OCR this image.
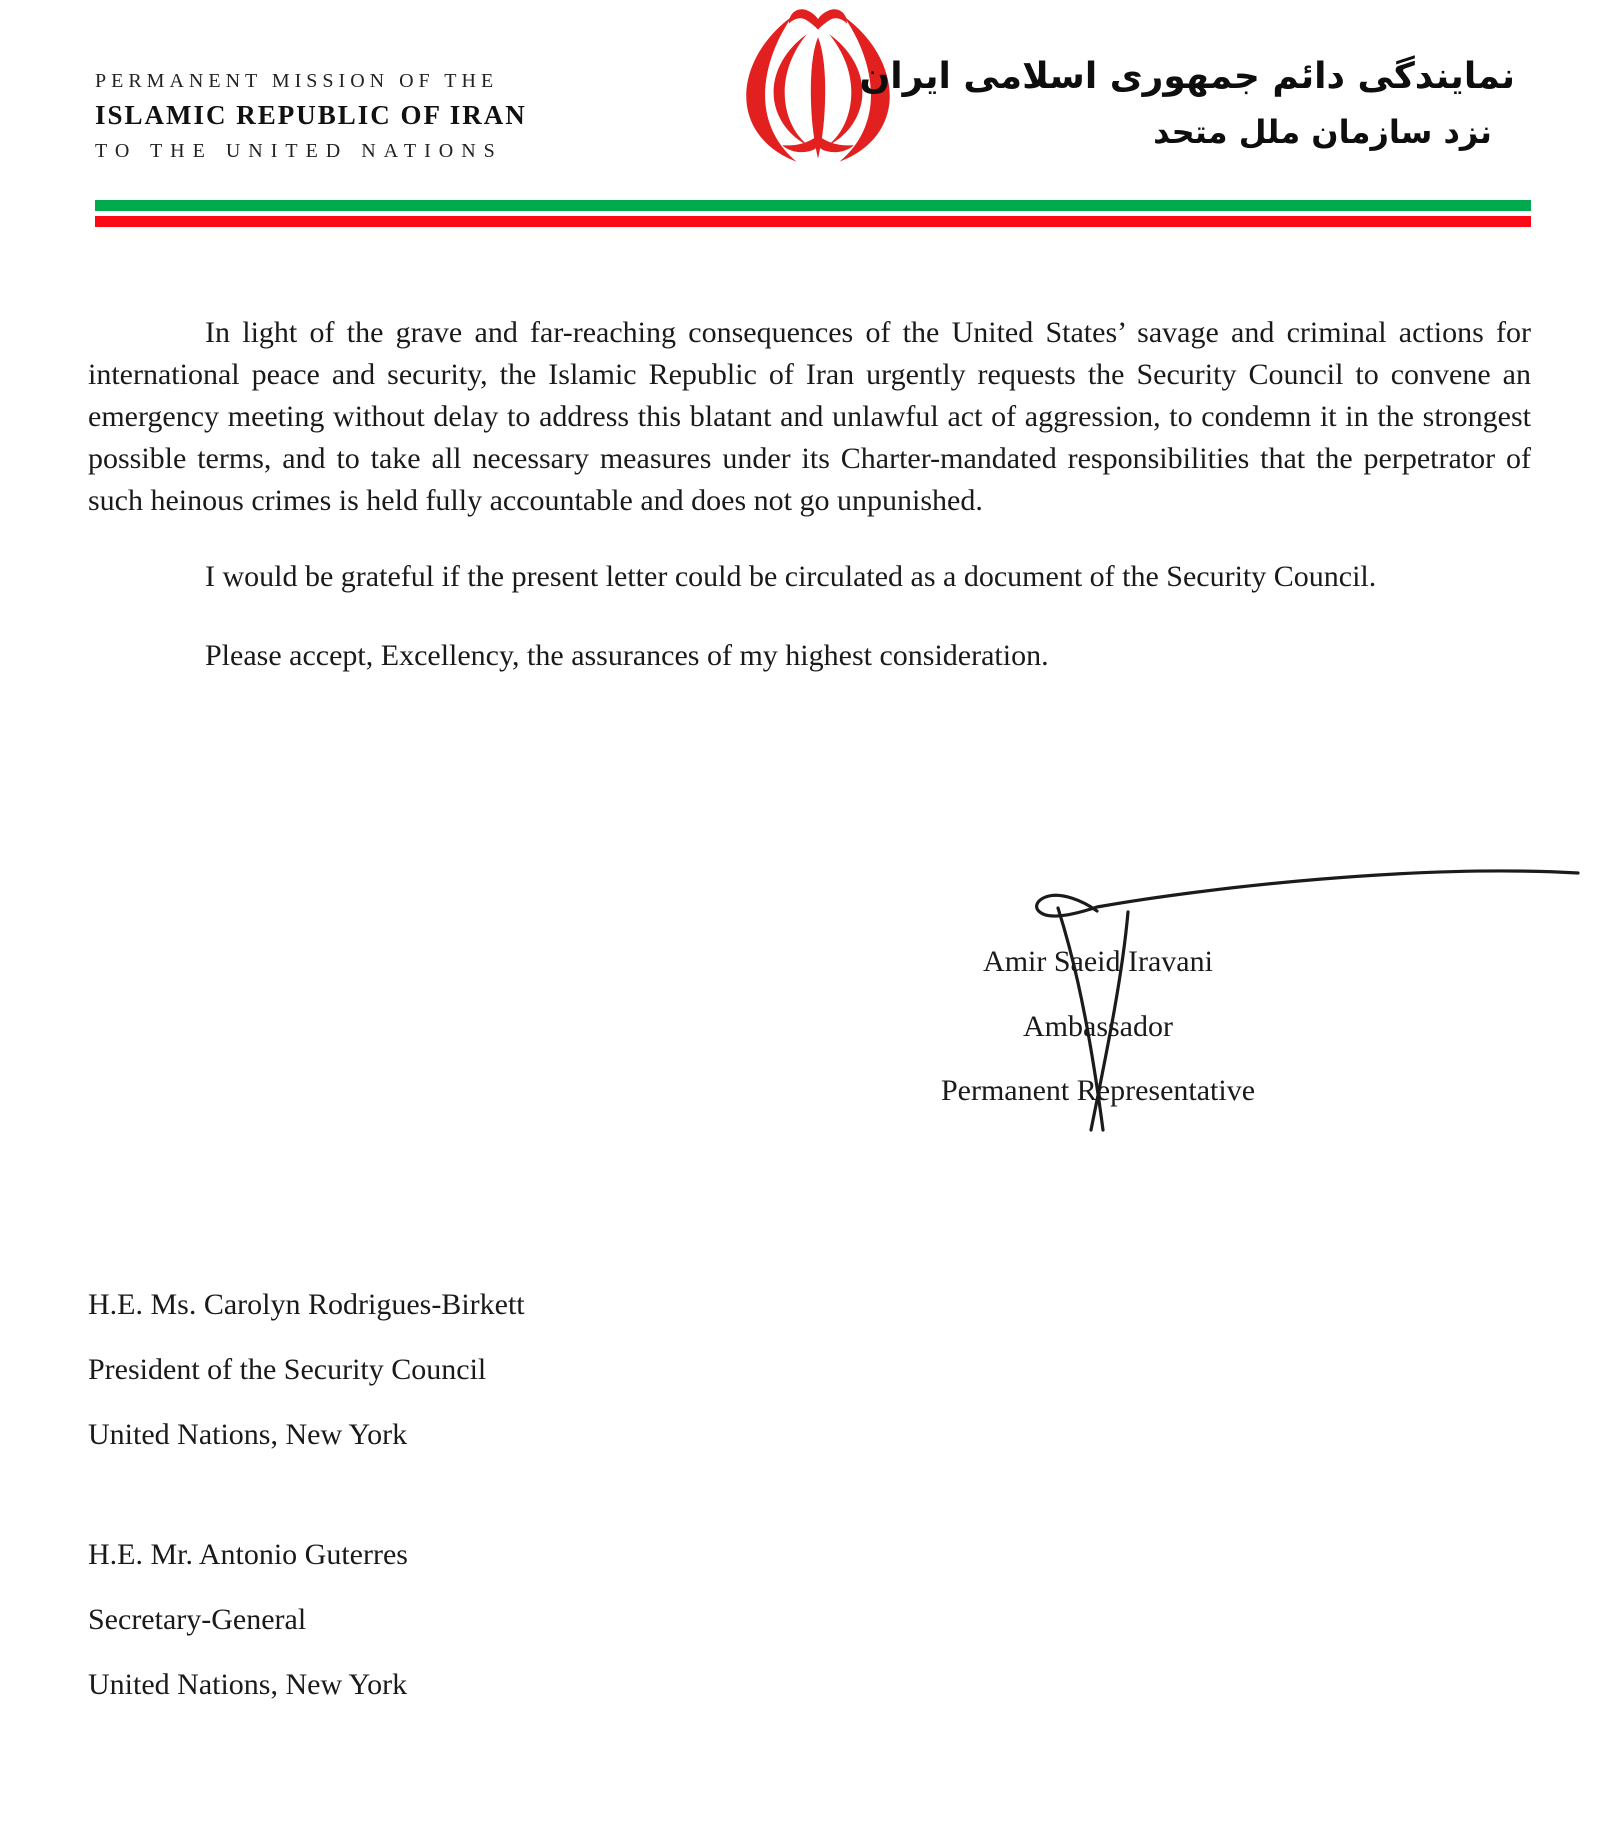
PERMANENT MISSION OF THE
ISLAMIC REPUBLIC OF IRAN
TO THE UNITED NATIONS
نمایندگی دائم جمهوری اسلامی ایران
نزد سازمان ملل متحد

In light of the grave and far-reaching consequences of the United States’ savage and criminal actions for international peace and security, the Islamic Republic of Iran urgently requests the Security Council to convene an emergency meeting without delay to address this blatant and unlawful act of aggression, to condemn it in the strongest possible terms, and to take all necessary measures under its Charter-mandated responsibilities that the perpetrator of such heinous crimes is held fully accountable and does not go unpunished.

I would be grateful if the present letter could be circulated as a document of the Security Council.

Please accept, Excellency, the assurances of my highest consideration.

Amir Saeid Iravani
Ambassador
Permanent Representative
H.E. Ms. Carolyn Rodrigues-Birkett
President of the Security Council
United Nations, New York
H.E. Mr. Antonio Guterres
Secretary-General
United Nations, New York
